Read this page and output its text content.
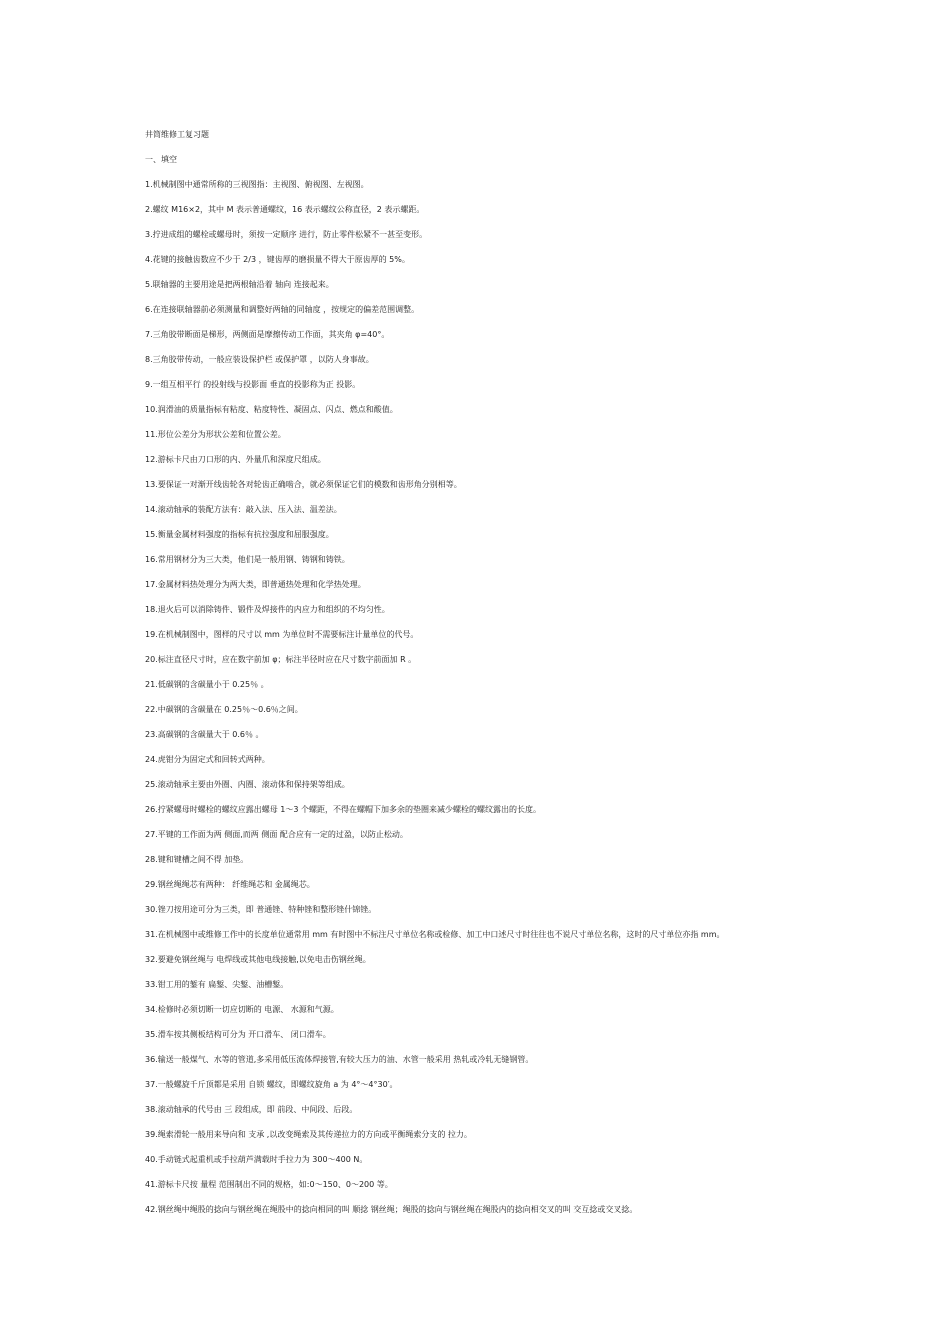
井筒维修工复习题

一、填空

1.机械制图中通常所称的三视图指：主视图、俯视图、左视图。
2.螺纹 M16×2，其中 M 表示普通螺纹，16 表示螺纹公称直径，2 表示螺距。
3.拧进成组的螺栓或螺母时，须按一定顺序 进行，防止零件松紧不一甚至变形。
4.花键的接触齿数应不少于 2/3 ，键齿厚的磨损量不得大于原齿厚的 5%。
5.联轴器的主要用途是把两根轴沿着 轴向 连接起来。
6.在连接联轴器前必须测量和调整好两轴的同轴度 ，按规定的偏差范围调整。
7.三角胶带断面是梯形，两侧面是摩擦传动工作面，其夹角 φ=40°。
8.三角胶带传动，一般应装设保护栏 或保护罩 ，以防人身事故。
9.一组互相平行 的投射线与投影面 垂直的投影称为正 投影。
10.润滑油的质量指标有粘度、粘度特性、凝固点、闪点、燃点和酸值。
11.形位公差分为形状公差和位置公差。
12.游标卡尺由刀口形的内、外量爪和深度尺组成。
13.要保证一对渐开线齿轮各对轮齿正确啮合，就必须保证它们的模数和齿形角分别相等。
14.滚动轴承的装配方法有：敲入法、压入法、温差法。
15.衡量金属材料强度的指标有抗拉强度和屈服强度。
16.常用钢材分为三大类，他们是一般用钢、铸钢和铸铁。
17.金属材料热处理分为两大类，即普通热处理和化学热处理。
18.退火后可以消除铸件、锻件及焊接件的内应力和组织的不均匀性。
19.在机械制图中，图样的尺寸以 mm 为单位时不需要标注计量单位的代号。
20.标注直径尺寸时，应在数字前加 φ；标注半径时应在尺寸数字前面加 R 。
21.低碳钢的含碳量小于 0.25％ 。
22.中碳钢的含碳量在 0.25％～0.6％之间。
23.高碳钢的含碳量大于 0.6％ 。
24.虎钳分为固定式和回转式两种。
25.滚动轴承主要由外圈、内圈、滚动体和保持架等组成。
26.拧紧螺母时螺栓的螺纹应露出螺母 1～3 个螺距，不得在螺帽下加多余的垫圈来减少螺栓的螺纹露出的长度。
27.平键的工作面为两 侧面,而两 侧面 配合应有一定的过盈，以防止松动。
28.键和键槽之间不得 加垫。
29.钢丝绳绳芯有两种： 纤维绳芯和 金属绳芯。
30.锉刀按用途可分为三类，即 普通锉、特种锉和整形锉什锦锉。
31.在机械图中或维修工作中的长度单位通常用 mm 有时图中不标注尺寸单位名称或检修、加工中口述尺寸时往往也不说尺寸单位名称，这时的尺寸单位亦指 mm。
32.要避免钢丝绳与 电焊线或其他电线接触,以免电击伤钢丝绳。
33.钳工用的錾有 扁錾、尖錾、油槽錾。
34.检修时必须切断一切应切断的 电源、 水源和气源。
35.滑车按其侧板结构可分为 开口滑车、 闭口滑车。
36.输送一般煤气、水等的管道,多采用低压流体焊接管,有较大压力的油、水管一般采用 热轧或冷轧无缝钢管。
37.一般螺旋千斤顶都是采用 自锁 螺纹，即螺纹旋角 a 为 4°～4°30′。
38.滚动轴承的代号由 三 段组成，即 前段、中间段、后段。
39.绳索滑轮一般用来导向和 支承 ,以改变绳索及其传递拉力的方向或平衡绳索分支的 拉力。
40.手动链式起重机或手拉葫芦满载时手拉力为 300～400 N。
41.游标卡尺按 量程 范围制出不同的规格，如:0～150、0～200 等。
42.钢丝绳中绳股的捻向与钢丝绳在绳股中的捻向相同的叫 顺捻 钢丝绳；绳股的捻向与钢丝绳在绳股内的捻向相交叉的叫 交互捻或交叉捻。
